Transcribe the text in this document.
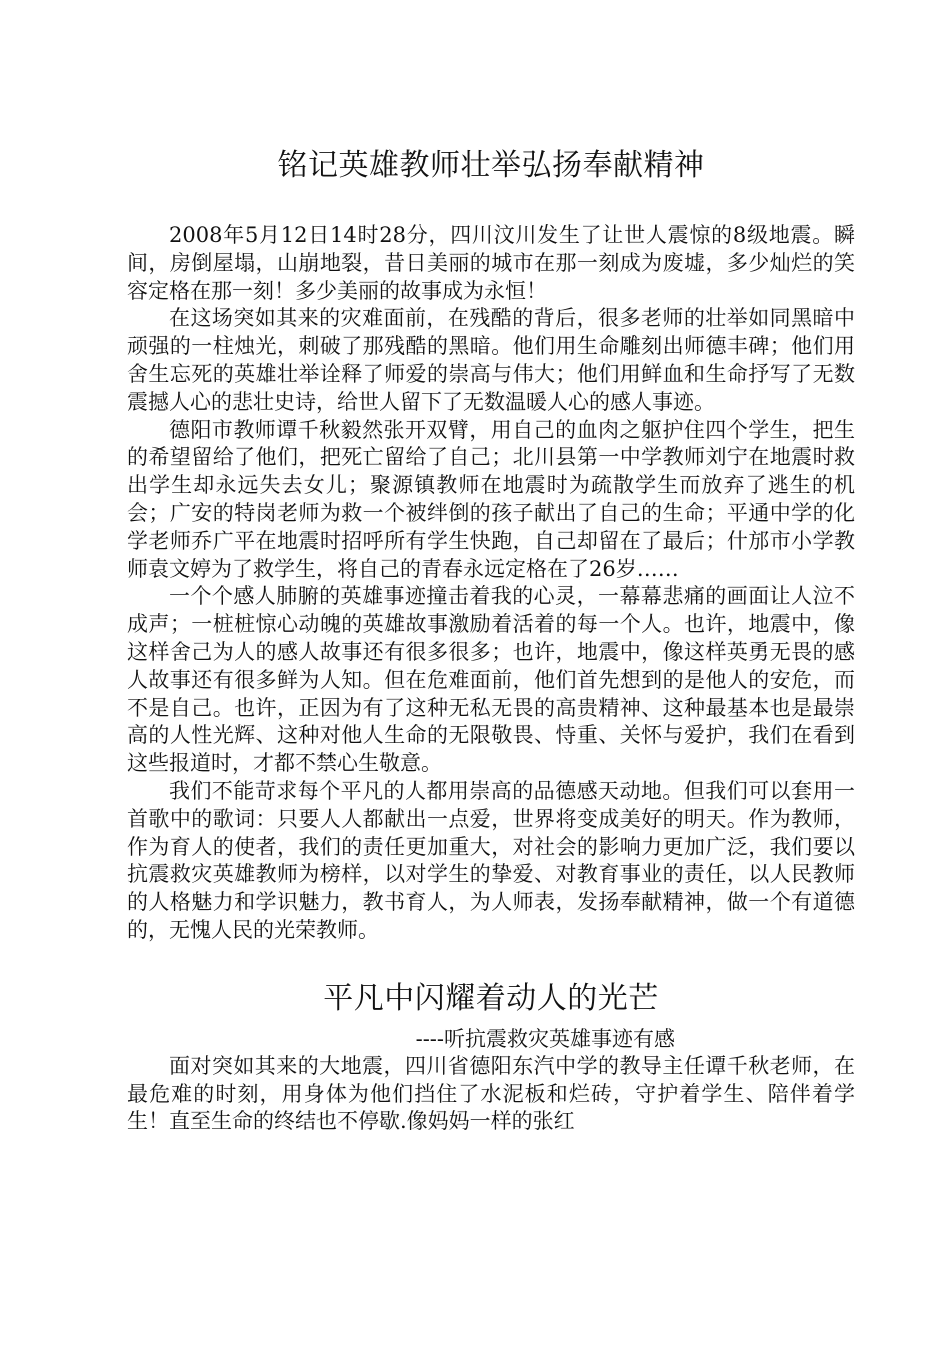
铭记英雄教师壮举弘扬奉献精神

2008年5月12日14时28分，四川汶川发生了让世人震惊的8级地震。瞬间，房倒屋塌，山崩地裂，昔日美丽的城市在那一刻成为废墟，多少灿烂的笑容定格在那一刻！多少美丽的故事成为永恒！

在这场突如其来的灾难面前，在残酷的背后，很多老师的壮举如同黑暗中顽强的一柱烛光，刺破了那残酷的黑暗。他们用生命雕刻出师德丰碑；他们用舍生忘死的英雄壮举诠释了师爱的崇高与伟大；他们用鲜血和生命抒写了无数震撼人心的悲壮史诗，给世人留下了无数温暖人心的感人事迹。

德阳市教师谭千秋毅然张开双臂，用自己的血肉之躯护住四个学生，把生的希望留给了他们，把死亡留给了自己；北川县第一中学教师刘宁在地震时救出学生却永远失去女儿；聚源镇教师在地震时为疏散学生而放弃了逃生的机会；广安的特岗老师为救一个被绊倒的孩子献出了自己的生命；平通中学的化学老师乔广平在地震时招呼所有学生快跑，自己却留在了最后；什邡市小学教师袁文婷为了救学生，将自己的青春永远定格在了26岁……

一个个感人肺腑的英雄事迹撞击着我的心灵，一幕幕悲痛的画面让人泣不成声；一桩桩惊心动魄的英雄故事激励着活着的每一个人。也许，地震中，像这样舍己为人的感人故事还有很多很多；也许，地震中，像这样英勇无畏的感人故事还有很多鲜为人知。但在危难面前，他们首先想到的是他人的安危，而不是自己。也许，正因为有了这种无私无畏的高贵精神、这种最基本也是最崇高的人性光辉、这种对他人生命的无限敬畏、恃重、关怀与爱护，我们在看到这些报道时，才都不禁心生敬意。

我们不能苛求每个平凡的人都用崇高的品德感天动地。但我们可以套用一首歌中的歌词：只要人人都献出一点爱，世界将变成美好的明天。作为教师，作为育人的使者，我们的责任更加重大，对社会的影响力更加广泛，我们要以抗震救灾英雄教师为榜样，以对学生的挚爱、对教育事业的责任，以人民教师的人格魅力和学识魅力，教书育人，为人师表，发扬奉献精神，做一个有道德的，无愧人民的光荣教师。

平凡中闪耀着动人的光芒

----听抗震救灾英雄事迹有感

面对突如其来的大地震，四川省德阳东汽中学的教导主任谭千秋老师，在最危难的时刻，用身体为他们挡住了水泥板和烂砖，守护着学生、陪伴着学生！直至生命的终结也不停歇.像妈妈一样的张红
